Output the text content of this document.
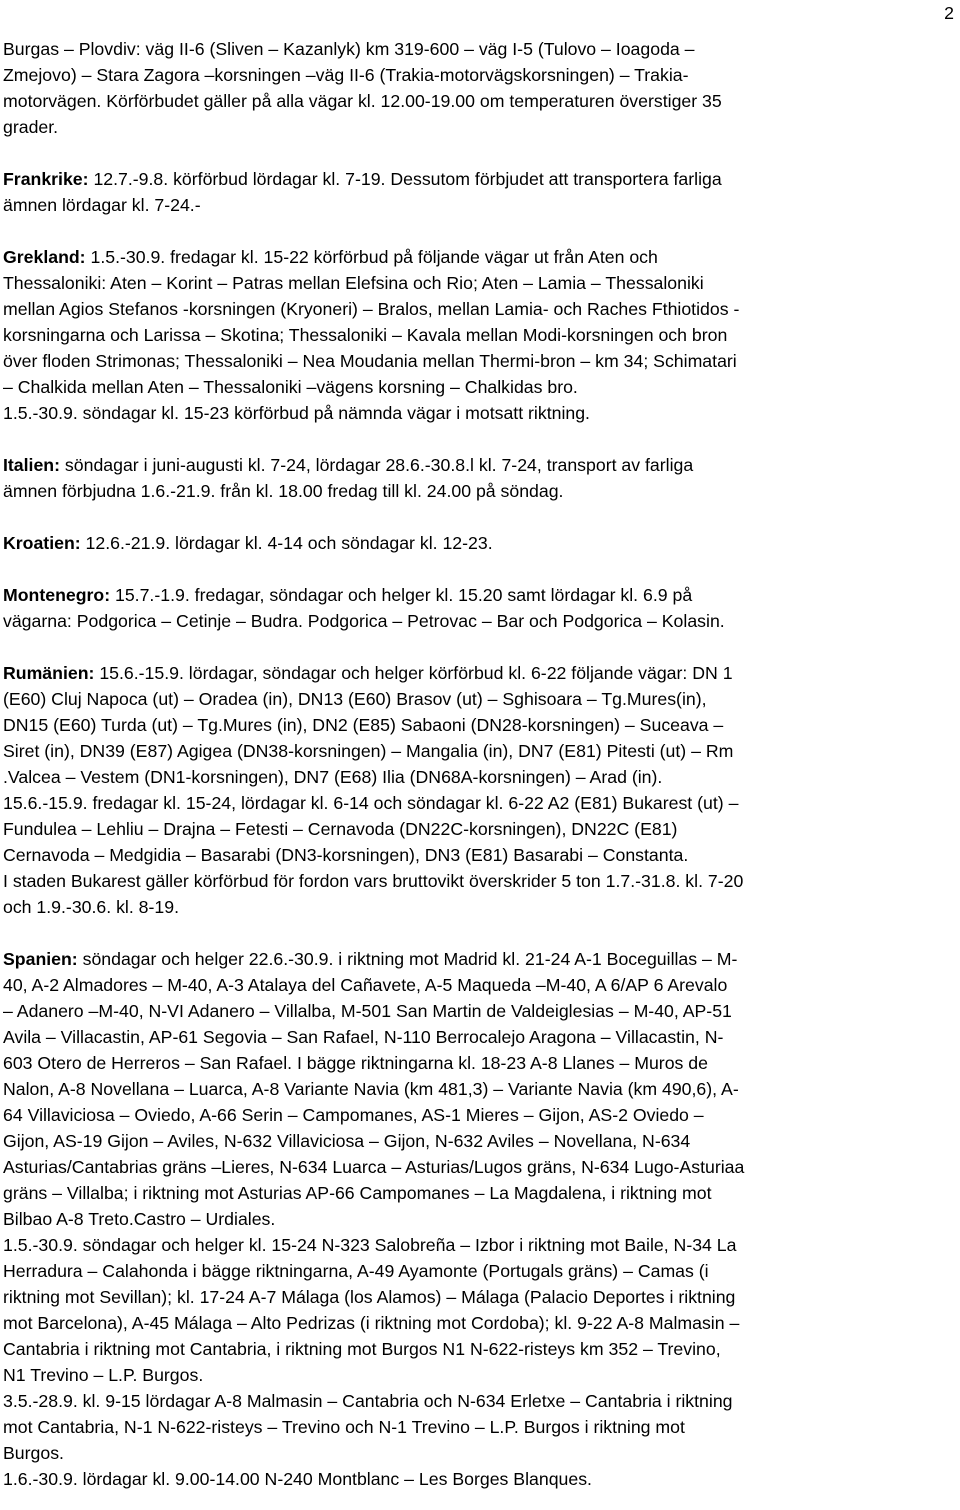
2
Burgas – Plovdiv: väg II-6 (Sliven – Kazanlyk) km 319-600 – väg I-5 (Tulovo – Ioagoda –
Zmejovo) – Stara Zagora –korsningen –väg II-6 (Trakia-motorvägskorsningen) – Trakia-
motorvägen. Körförbudet gäller på alla vägar kl. 12.00-19.00 om temperaturen överstiger 35
grader.
Frankrike: 12.7.-9.8. körförbud lördagar kl. 7-19. Dessutom förbjudet att transportera farliga
ämnen lördagar kl. 7-24.-
Grekland: 1.5.-30.9. fredagar kl. 15-22 körförbud på följande vägar ut från Aten och
Thessaloniki: Aten – Korint – Patras mellan Elefsina och Rio; Aten – Lamia – Thessaloniki
mellan Agios Stefanos -korsningen (Kryoneri) – Bralos, mellan Lamia- och Raches Fthiotidos -
korsningarna och Larissa – Skotina; Thessaloniki – Kavala mellan Modi-korsningen och bron
över floden Strimonas; Thessaloniki – Nea Moudania mellan Thermi-bron – km 34; Schimatari
– Chalkida mellan Aten – Thessaloniki –vägens korsning – Chalkidas bro.
1.5.-30.9. söndagar kl. 15-23 körförbud på nämnda vägar i motsatt riktning.
Italien: söndagar i juni-augusti kl. 7-24, lördagar 28.6.-30.8.l kl. 7-24, transport av farliga
ämnen förbjudna 1.6.-21.9. från kl. 18.00 fredag till kl. 24.00 på söndag.
Kroatien: 12.6.-21.9. lördagar kl. 4-14 och söndagar kl. 12-23.
Montenegro: 15.7.-1.9. fredagar, söndagar och helger kl. 15.20 samt lördagar kl. 6.9 på
vägarna: Podgorica – Cetinje – Budra. Podgorica – Petrovac – Bar och Podgorica – Kolasin.
Rumänien: 15.6.-15.9. lördagar, söndagar och helger körförbud kl. 6-22 följande vägar: DN 1
(E60) Cluj Napoca (ut) – Oradea (in), DN13 (E60) Brasov (ut) – Sghisoara – Tg.Mures(in),
DN15 (E60) Turda (ut) – Tg.Mures (in), DN2 (E85) Sabaoni (DN28-korsningen) – Suceava –
Siret (in), DN39 (E87) Agigea (DN38-korsningen) – Mangalia (in), DN7 (E81) Pitesti (ut) – Rm
.Valcea – Vestem (DN1-korsningen), DN7 (E68) Ilia (DN68A-korsningen) – Arad (in).
15.6.-15.9. fredagar kl. 15-24, lördagar kl. 6-14 och söndagar kl. 6-22 A2 (E81) Bukarest (ut) –
Fundulea – Lehliu – Drajna – Fetesti – Cernavoda (DN22C-korsningen), DN22C (E81)
Cernavoda – Medgidia – Basarabi (DN3-korsningen), DN3 (E81) Basarabi – Constanta.
I staden Bukarest gäller körförbud för fordon vars bruttovikt överskrider 5 ton 1.7.-31.8. kl. 7-20
och 1.9.-30.6. kl. 8-19.
Spanien: söndagar och helger 22.6.-30.9. i riktning mot Madrid kl. 21-24 A-1 Boceguillas – M-
40, A-2 Almadores – M-40, A-3 Atalaya del Cañavete, A-5 Maqueda –M-40, A 6/AP 6 Arevalo
– Adanero –M-40, N-VI Adanero – Villalba, M-501 San Martin de Valdeiglesias – M-40, AP-51
Avila – Villacastin, AP-61 Segovia – San Rafael, N-110 Berrocalejo Aragona – Villacastin, N-
603 Otero de Herreros – San Rafael. I bägge riktningarna kl. 18-23 A-8 Llanes – Muros de
Nalon, A-8 Novellana – Luarca, A-8 Variante Navia (km 481,3) – Variante Navia (km 490,6), A-
64 Villaviciosa – Oviedo, A-66 Serin – Campomanes, AS-1 Mieres – Gijon, AS-2 Oviedo –
Gijon, AS-19 Gijon – Aviles, N-632 Villaviciosa – Gijon, N-632 Aviles – Novellana, N-634
Asturias/Cantabrias gräns –Lieres, N-634 Luarca – Asturias/Lugos gräns, N-634 Lugo-Asturiaa
gräns – Villalba; i riktning mot Asturias AP-66 Campomanes – La Magdalena, i riktning mot
Bilbao A-8 Treto.Castro – Urdiales.
1.5.-30.9. söndagar och helger kl. 15-24 N-323 Salobreña – Izbor i riktning mot Baile, N-34 La
Herradura – Calahonda i bägge riktningarna, A-49 Ayamonte (Portugals gräns) – Camas (i
riktning mot Sevillan); kl. 17-24 A-7 Málaga (los Alamos) – Málaga (Palacio Deportes i riktning
mot Barcelona), A-45 Málaga – Alto Pedrizas (i riktning mot Cordoba); kl. 9-22 A-8 Malmasin –
Cantabria i riktning mot Cantabria, i riktning mot Burgos N1 N-622-risteys km 352 – Trevino,
N1 Trevino – L.P. Burgos.
3.5.-28.9. kl. 9-15 lördagar A-8 Malmasin – Cantabria och N-634 Erletxe – Cantabria i riktning
mot Cantabria, N-1 N-622-risteys – Trevino och N-1 Trevino – L.P. Burgos i riktning mot
Burgos.
1.6.-30.9. lördagar kl. 9.00-14.00 N-240 Montblanc – Les Borges Blanques.
